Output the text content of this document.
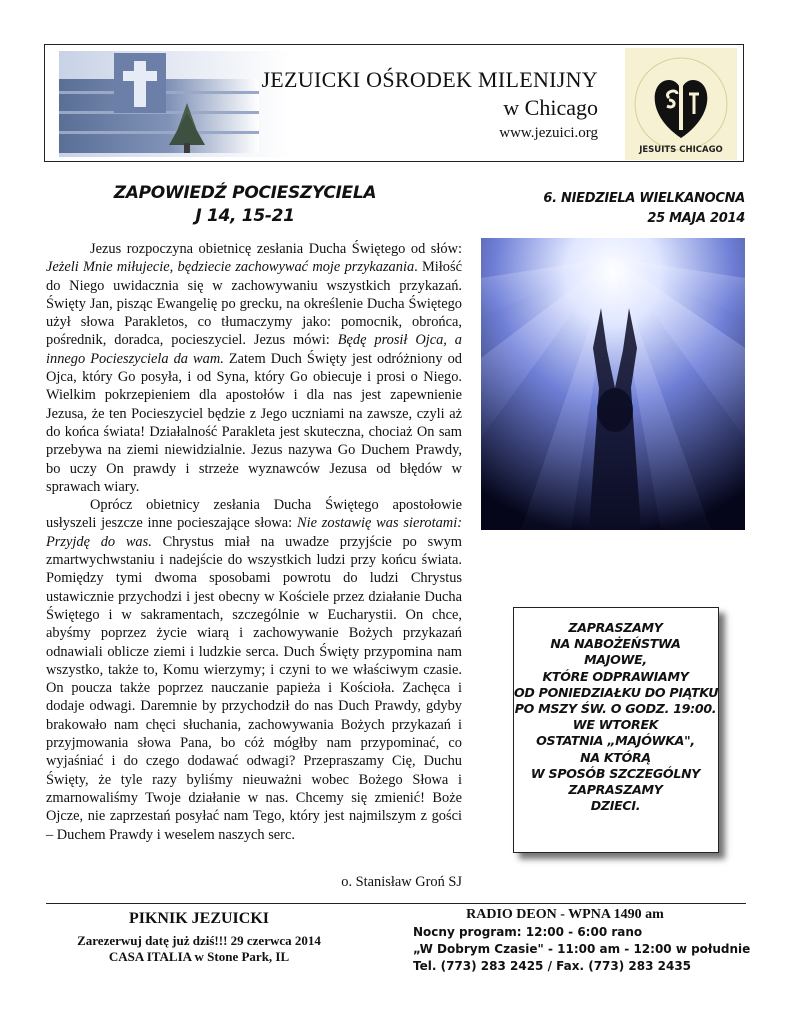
JEZUICKI OŚRODEK MILENIJNY
w Chicago
www.jezuici.org
JESUITS CHICAGO
ZAPOWIEDŹ POCIESZYCIELA
J 14, 15-21
6. NIEDZIELA WIELKANOCNA
25 MAJA 2014

Jezus rozpoczyna obietnicę zesłania Ducha Świętego od słów: Jeżeli Mnie miłujecie, będziecie zachowywać moje przykazania. Miłość do Niego uwidacznia się w zachowywaniu wszystkich przykazań. Święty Jan, pisząc Ewangelię po grecku, na określenie Ducha Świętego użył słowa Parakletos, co tłumaczymy jako: pomocnik, obrońca, pośrednik, doradca, pocieszyciel. Jezus mówi: Będę prosił Ojca, a innego Pocieszyciela da wam. Zatem Duch Święty jest odróżniony od Ojca, który Go posyła, i od Syna, który Go obiecuje i prosi o Niego. Wielkim pokrzepieniem dla apostołów i dla nas jest zapewnienie Jezusa, że ten Pocieszyciel będzie z Jego uczniami na zawsze, czyli aż do końca świata! Działalność Parakleta jest skuteczna, chociaż On sam przebywa na ziemi niewidzialnie. Jezus nazywa Go Duchem Prawdy, bo uczy On prawdy i strzeże wyznawców Jezusa od błędów w sprawach wiary.

Oprócz obietnicy zesłania Ducha Świętego apostołowie usłyszeli jeszcze inne pocieszające słowa: Nie zostawię was sierotami: Przyjdę do was. Chrystus miał na uwadze przyjście po swym zmartwychwstaniu i nadejście do wszystkich ludzi przy końcu świata. Pomiędzy tymi dwoma sposobami powrotu do ludzi Chrystus ustawicznie przychodzi i jest obecny w Kościele przez działanie Ducha Świętego i w sakramentach, szczególnie w Eucharystii. On chce, abyśmy poprzez życie wiarą i zachowywanie Bożych przykazań odnawiali oblicze ziemi i ludzkie serca. Duch Święty przypomina nam wszystko, także to, Komu wierzymy; i czyni to we właściwym czasie. On poucza także poprzez nauczanie papieża i Kościoła. Zachęca i dodaje odwagi. Daremnie by przychodził do nas Duch Prawdy, gdyby brakowało nam chęci słuchania, zachowywania Bożych przykazań i przyjmowania słowa Pana, bo cóż mógłby nam przypominać, co wyjaśniać i do czego dodawać odwagi? Przepraszamy Cię, Duchu Święty, że tyle razy byliśmy nieuważni wobec Bożego Słowa i zmarnowaliśmy Twoje działanie w nas. Chcemy się zmienić! Boże Ojcze, nie zaprzestań posyłać nam Tego, który jest najmilszym z gości – Duchem Prawdy i weselem naszych serc.

o. Stanisław Groń SJ
ZAPRASZAMY
NA NABOŻEŃSTWA
MAJOWE,
KTÓRE ODPRAWIAMY
OD PONIEDZIAŁKU DO PIĄTKU
PO MSZY ŚW. O GODZ. 19:00.
WE WTOREK
OSTATNIA „MAJÓWKA",
NA KTÓRĄ
W SPOSÓB SZCZEGÓLNY
ZAPRASZAMY
DZIECI.
PIKNIK JEZUICKI
Zarezerwuj datę już dziś!!! 29 czerwca 2014
CASA ITALIA w Stone Park, IL
RADIO DEON - WPNA 1490 am
Nocny program: 12:00 - 6:00 rano
„W Dobrym Czasie" - 11:00 am - 12:00 w południe
Tel. (773) 283 2425 / Fax. (773) 283 2435
